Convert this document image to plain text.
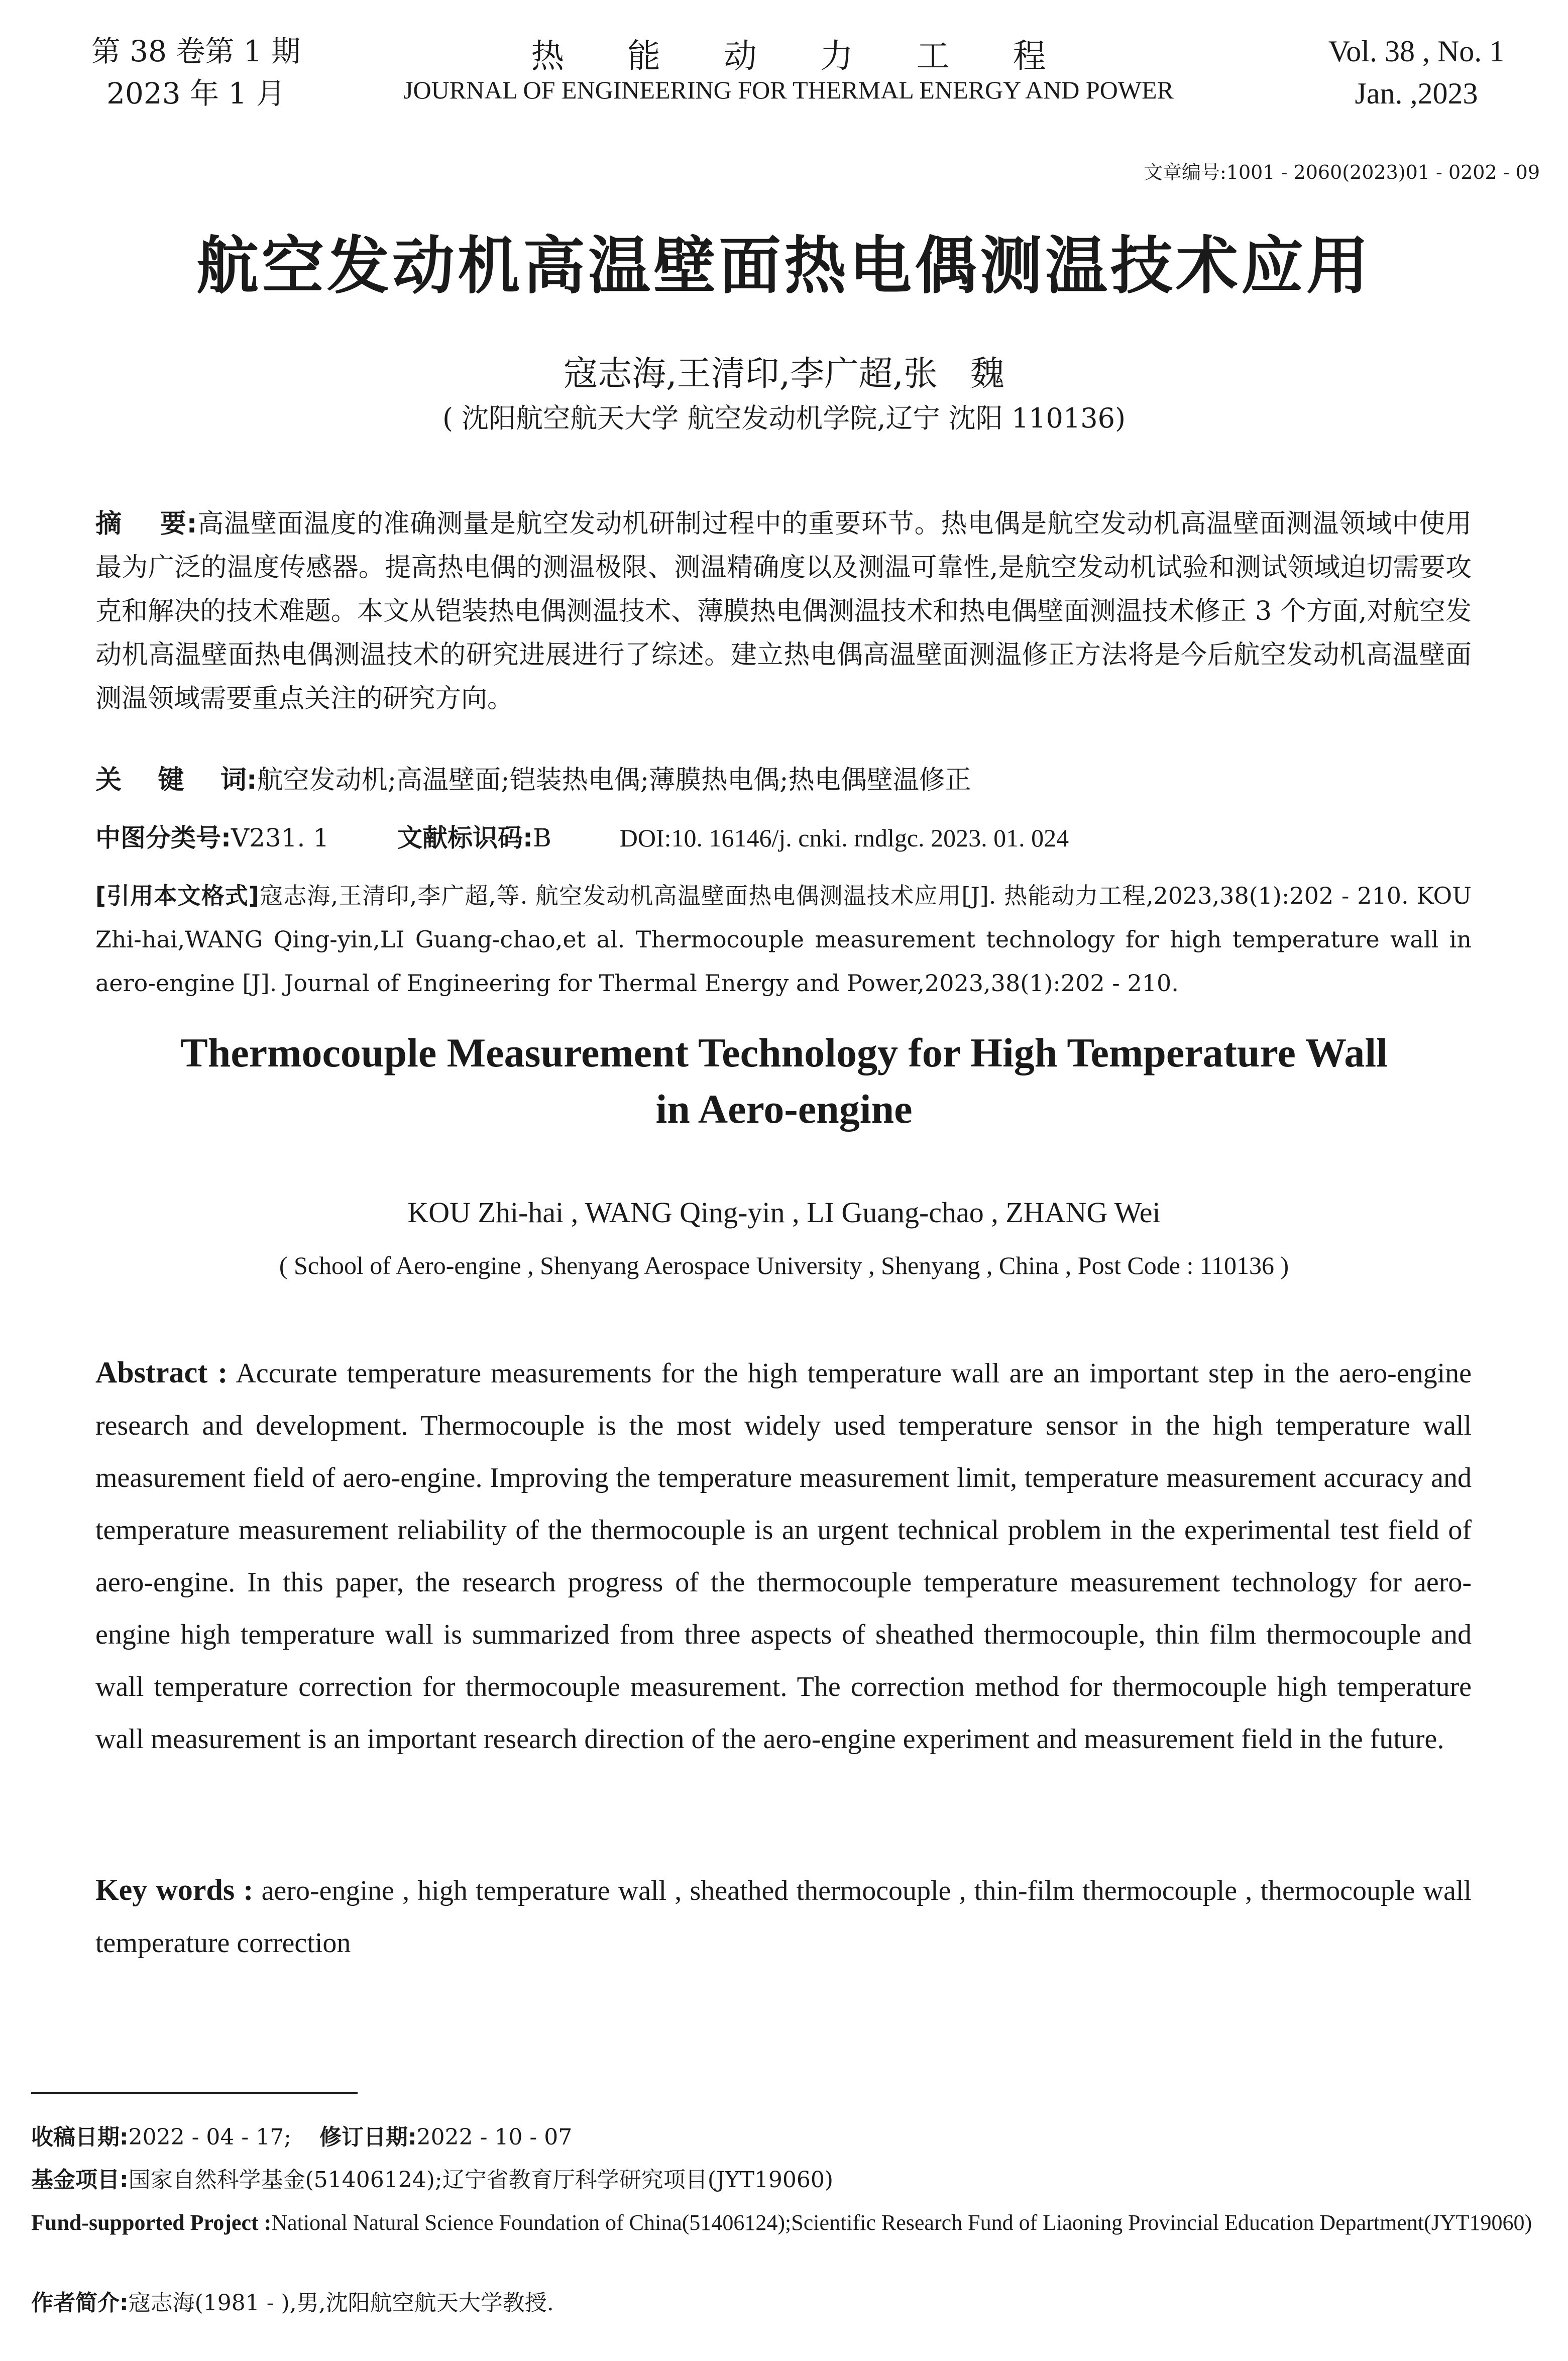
第 38 卷第 1 期
2023 年 1 月
热      能      动      力      工      程
JOURNAL OF ENGINEERING FOR THERMAL ENERGY AND POWER
Vol. 38 , No. 1
Jan. ,2023
文章编号:1001 - 2060(2023)01 - 0202 - 09
航空发动机高温壁面热电偶测温技术应用
寇志海,王清印,李广超,张   魏
( 沈阳航空航天大学 航空发动机学院,辽宁 沈阳 110136)
摘    要:高温壁面温度的准确测量是航空发动机研制过程中的重要环节。热电偶是航空发动机高温壁面测温领域中使用最为广泛的温度传感器。提高热电偶的测温极限、测温精确度以及测温可靠性,是航空发动机试验和测试领域迫切需要攻克和解决的技术难题。本文从铠装热电偶测温技术、薄膜热电偶测温技术和热电偶壁面测温技术修正 3 个方面,对航空发动机高温壁面热电偶测温技术的研究进展进行了综述。建立热电偶高温壁面测温修正方法将是今后航空发动机高温壁面测温领域需要重点关注的研究方向。
关    键    词:航空发动机;高温壁面;铠装热电偶;薄膜热电偶;热电偶壁温修正
中图分类号:V231. 1	文献标识码:B	DOI:10. 16146/j. cnki. rndlgc. 2023. 01. 024
[引用本文格式]寇志海,王清印,李广超,等. 航空发动机高温壁面热电偶测温技术应用[J]. 热能动力工程,2023,38(1):202 - 210. KOU Zhi-hai,WANG Qing-yin,LI Guang-chao,et al. Thermocouple measurement technology for high temperature wall in aero-engine [J]. Journal of Engineering for Thermal Energy and Power,2023,38(1):202 - 210.
Thermocouple Measurement Technology for High Temperature Wall
in Aero-engine
KOU Zhi-hai , WANG Qing-yin , LI Guang-chao , ZHANG Wei
( School of Aero-engine , Shenyang Aerospace University , Shenyang , China , Post Code : 110136 )
Abstract : Accurate temperature measurements for the high temperature wall are an important step in the aero-engine research and development. Thermocouple is the most widely used temperature sensor in the high temperature wall measurement field of aero-engine. Improving the temperature measurement limit, temperature measurement accuracy and temperature measurement reliability of the thermocouple is an urgent technical problem in the experimental test field of aero-engine. In this paper, the research progress of the thermocouple temperature measurement technology for aero-engine high temperature wall is summarized from three aspects of sheathed thermocouple, thin film thermocouple and wall temperature correction for thermocouple measurement. The correction method for thermocouple high temperature wall measurement is an important research direction of the aero-engine experiment and measurement field in the future.
Key words : aero-engine , high temperature wall , sheathed thermocouple , thin-film thermocouple , thermocouple wall temperature correction
收稿日期:2022 - 04 - 17; 修订日期:2022 - 10 - 07
基金项目:国家自然科学基金(51406124);辽宁省教育厅科学研究项目(JYT19060)
Fund-supported Project : National Natural Science Foundation of China(51406124);Scientific Research Fund of Liaoning Provincial Education Department(JYT19060)
作者简介:寇志海(1981 - ),男,沈阳航空航天大学教授.
